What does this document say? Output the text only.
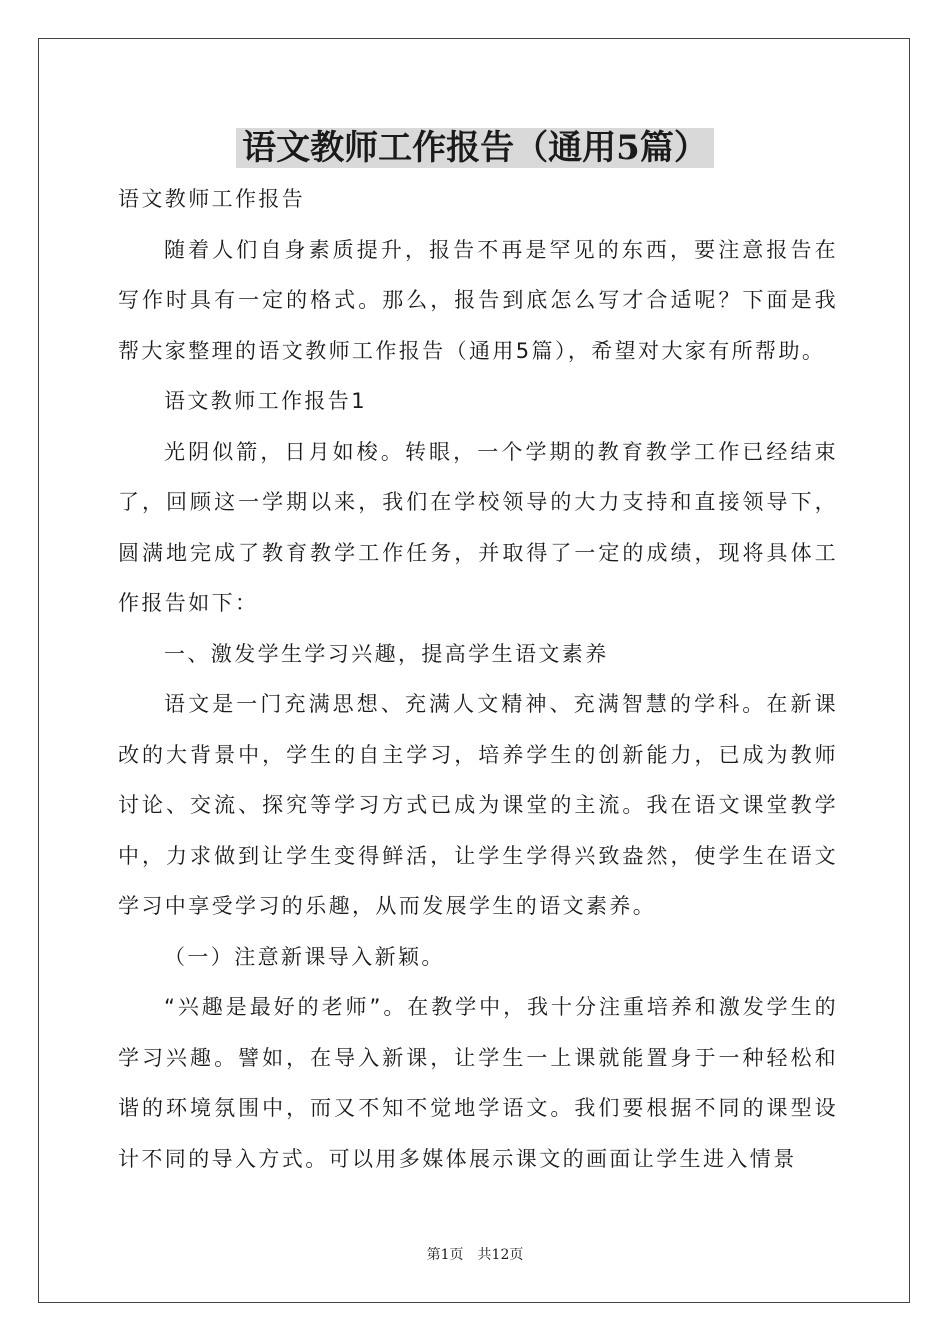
语文教师工作报告（通用5篇）

语文教师工作报告

随着人们自身素质提升，报告不再是罕见的东西，要注意报告在写作时具有一定的格式。那么，报告到底怎么写才合适呢？下面是我帮大家整理的语文教师工作报告（通用5篇），希望对大家有所帮助。

语文教师工作报告1

光阴似箭，日月如梭。转眼，一个学期的教育教学工作已经结束了，回顾这一学期以来，我们在学校领导的大力支持和直接领导下，圆满地完成了教育教学工作任务，并取得了一定的成绩，现将具体工作报告如下：

一、激发学生学习兴趣，提高学生语文素养

语文是一门充满思想、充满人文精神、充满智慧的学科。在新课改的大背景中，学生的自主学习，培养学生的创新能力，已成为教师讨论、交流、探究等学习方式已成为课堂的主流。我在语文课堂教学中，力求做到让学生变得鲜活，让学生学得兴致盎然，使学生在语文学习中享受学习的乐趣，从而发展学生的语文素养。

（一）注意新课导入新颖。

“兴趣是最好的老师”。在教学中，我十分注重培养和激发学生的学习兴趣。譬如，在导入新课，让学生一上课就能置身于一种轻松和谐的环境氛围中，而又不知不觉地学语文。我们要根据不同的课型设计不同的导入方式。可以用多媒体展示课文的画面让学生进入情景

第1页　共12页
